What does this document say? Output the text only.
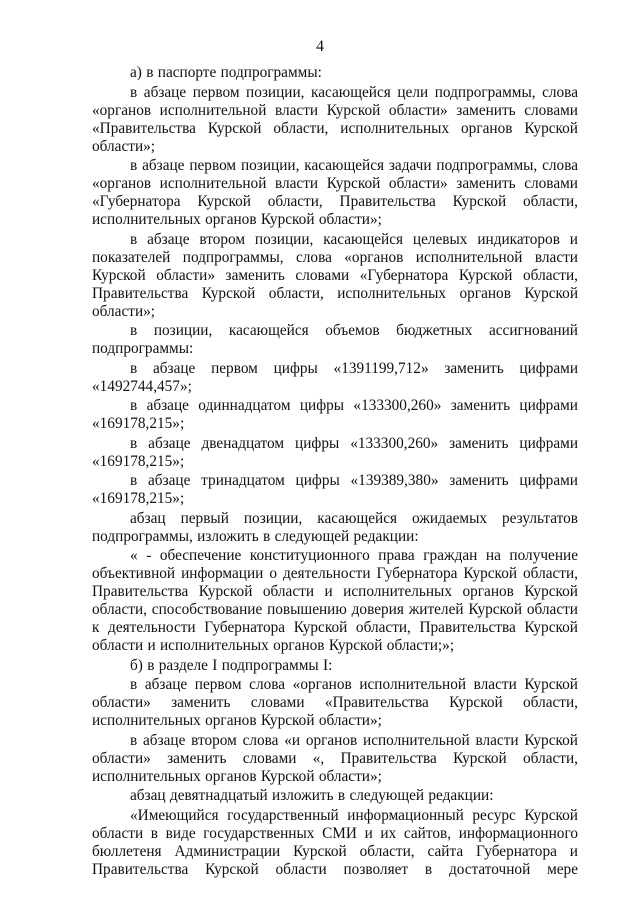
4

а) в паспорте подпрограммы:

в абзаце первом позиции, касающейся цели подпрограммы, слова «органов исполнительной власти Курской области» заменить словами «Правительства Курской области, исполнительных органов Курской области»;

в абзаце первом позиции, касающейся задачи подпрограммы, слова «органов исполнительной власти Курской области» заменить словами «Губернатора Курской области, Правительства Курской области, исполнительных органов Курской области»;

в абзаце втором позиции, касающейся целевых индикаторов и показателей подпрограммы, слова «органов исполнительной власти Курской области» заменить словами «Губернатора Курской области, Правительства Курской области, исполнительных органов Курской области»;

в позиции, касающейся объемов бюджетных ассигнований подпрограммы:

в абзаце первом цифры «1391199,712» заменить цифрами «1492744,457»;

в абзаце одиннадцатом цифры «133300,260» заменить цифрами «169178,215»;

в абзаце двенадцатом цифры «133300,260» заменить цифрами «169178,215»;

в абзаце тринадцатом цифры «139389,380» заменить цифрами «169178,215»;

абзац первый позиции, касающейся ожидаемых результатов подпрограммы, изложить в следующей редакции:

« - обеспечение конституционного права граждан на получение объективной информации о деятельности Губернатора Курской области, Правительства Курской области и исполнительных органов Курской области, способствование повышению доверия жителей Курской области к деятельности Губернатора Курской области, Правительства Курской области и исполнительных органов Курской области;»;

б) в разделе I подпрограммы I:

в абзаце первом слова «органов исполнительной власти Курской области» заменить словами «Правительства Курской области, исполнительных органов Курской области»;

в абзаце втором слова «и органов исполнительной власти Курской области» заменить словами «, Правительства Курской области, исполнительных органов Курской области»;

абзац девятнадцатый изложить в следующей редакции:

«Имеющийся государственный информационный ресурс Курской области в виде государственных СМИ и их сайтов, информационного бюллетеня Администрации Курской области, сайта Губернатора и Правительства Курской области позволяет в достаточной мере
